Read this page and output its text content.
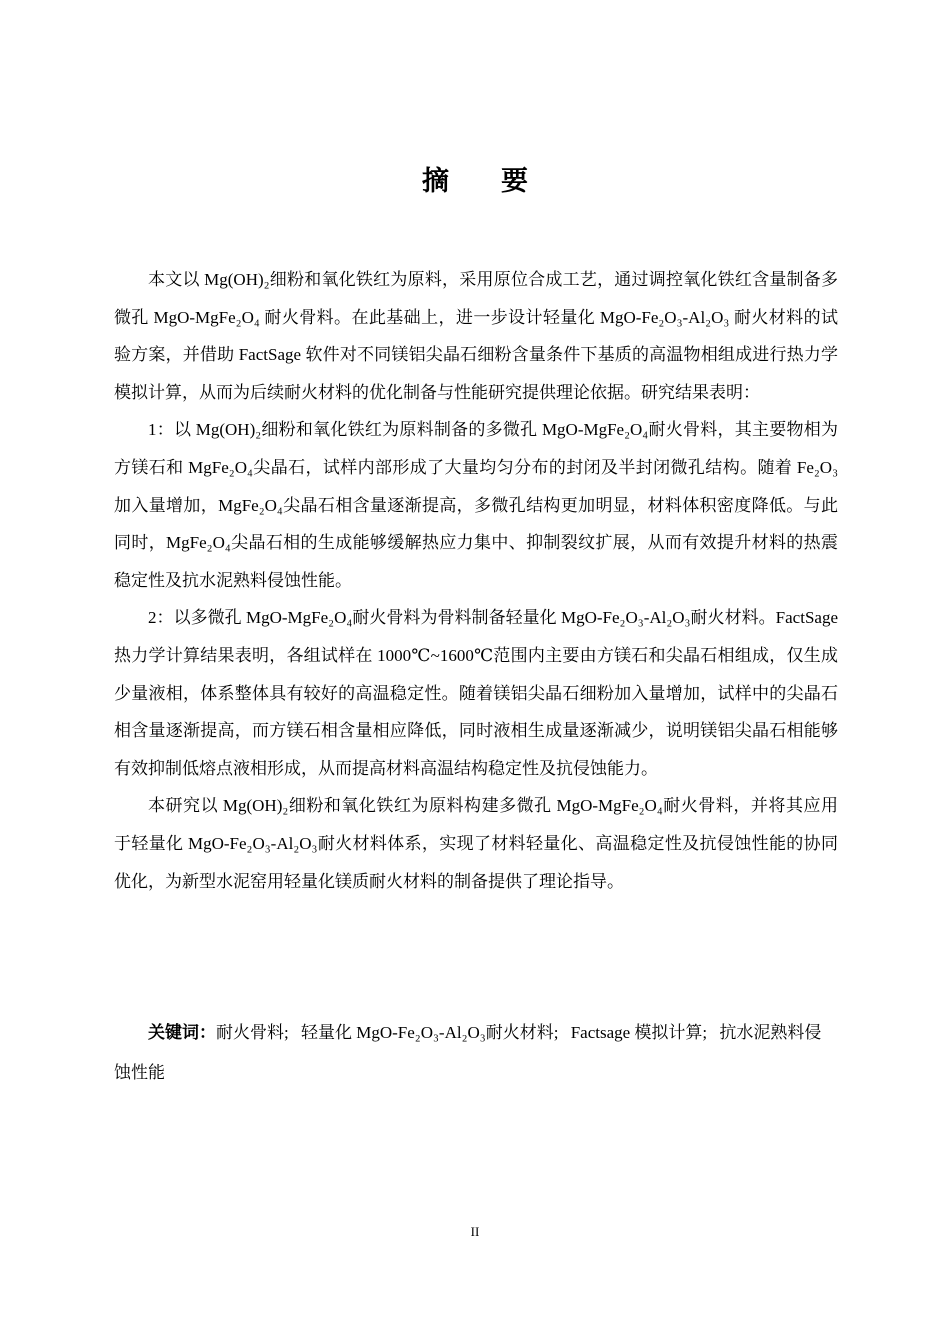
摘要

本文以 Mg(OH)₂细粉和氧化铁红为原料，采用原位合成工艺，通过调控氧化铁红含量制备多微孔 MgO-MgFe₂O₄ 耐火骨料。在此基础上，进一步设计轻量化 MgO-Fe₂O₃-Al₂O₃ 耐火材料的试验方案，并借助 FactSage 软件对不同镁铝尖晶石细粉含量条件下基质的高温物相组成进行热力学模拟计算，从而为后续耐火材料的优化制备与性能研究提供理论依据。研究结果表明：

1：以 Mg(OH)₂细粉和氧化铁红为原料制备的多微孔 MgO-MgFe₂O₄耐火骨料，其主要物相为方镁石和 MgFe₂O₄尖晶石，试样内部形成了大量均匀分布的封闭及半封闭微孔结构。随着 Fe₂O₃加入量增加，MgFe₂O₄尖晶石相含量逐渐提高，多微孔结构更加明显，材料体积密度降低。与此同时，MgFe₂O₄尖晶石相的生成能够缓解热应力集中、抑制裂纹扩展，从而有效提升材料的热震稳定性及抗水泥熟料侵蚀性能。

2：以多微孔 MgO-MgFe₂O₄耐火骨料为骨料制备轻量化 MgO-Fe₂O₃-Al₂O₃耐火材料。FactSage 热力学计算结果表明，各组试样在 1000℃~1600℃范围内主要由方镁石和尖晶石相组成，仅生成少量液相，体系整体具有较好的高温稳定性。随着镁铝尖晶石细粉加入量增加，试样中的尖晶石相含量逐渐提高，而方镁石相含量相应降低，同时液相生成量逐渐减少，说明镁铝尖晶石相能够有效抑制低熔点液相形成，从而提高材料高温结构稳定性及抗侵蚀能力。

本研究以 Mg(OH)₂细粉和氧化铁红为原料构建多微孔 MgO-MgFe₂O₄耐火骨料，并将其应用于轻量化 MgO-Fe₂O₃-Al₂O₃耐火材料体系，实现了材料轻量化、高温稳定性及抗侵蚀性能的协同优化，为新型水泥窑用轻量化镁质耐火材料的制备提供了理论指导。

关键词：耐火骨料; 轻量化 MgO-Fe₂O₃-Al₂O₃耐火材料; Factsage 模拟计算; 抗水泥熟料侵蚀性能

II
